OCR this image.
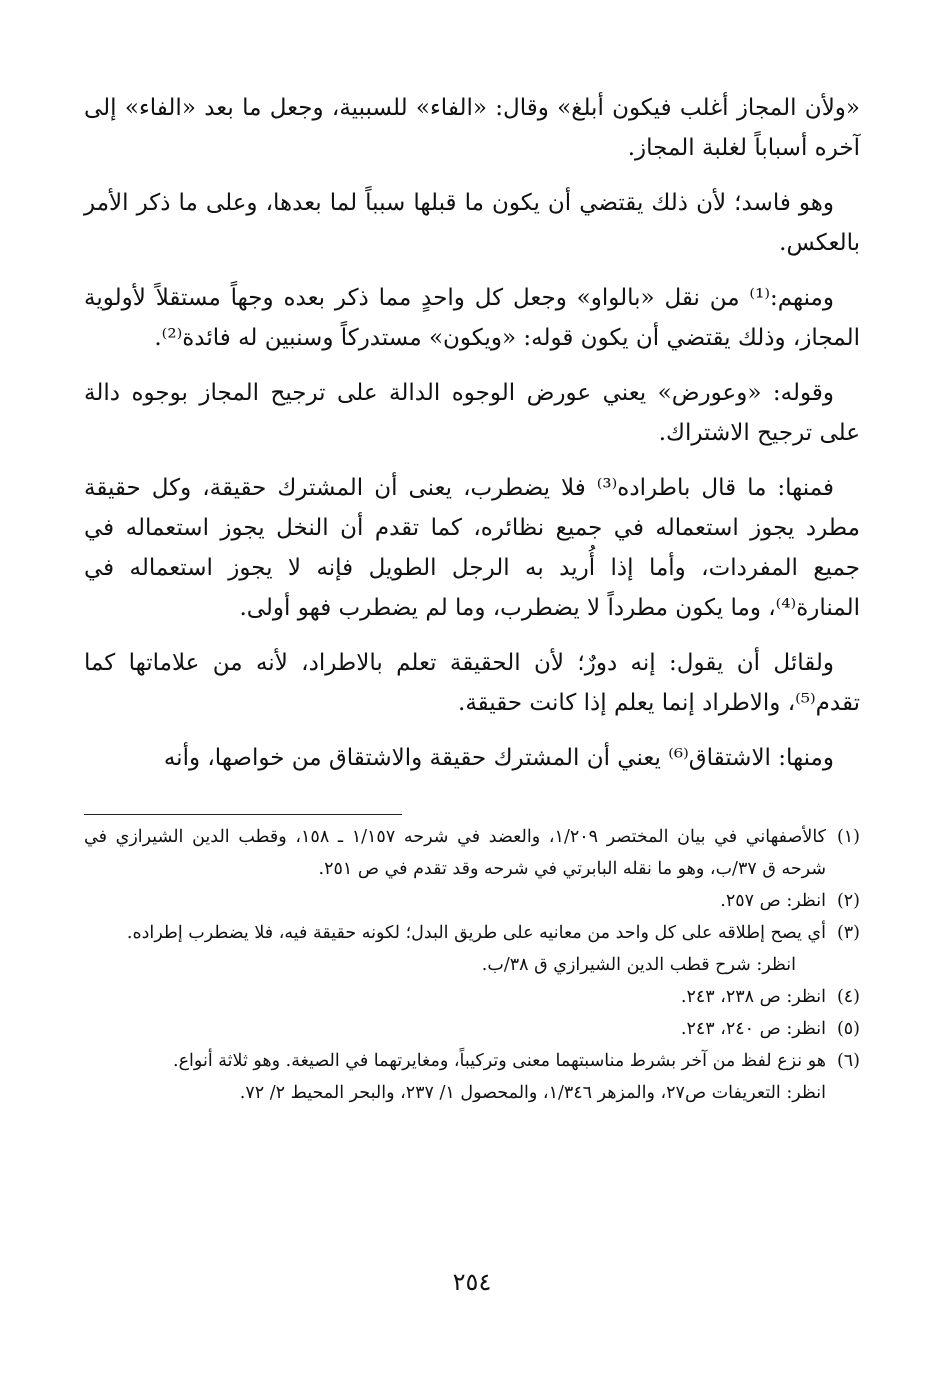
«ولأن المجاز أغلب فيكون أبلغ» وقال: «الفاء» للسببية، وجعل ما بعد «الفاء» إلى آخره أسباباً لغلبة المجاز.

وهو فاسد؛ لأن ذلك يقتضي أن يكون ما قبلها سبباً لما بعدها، وعلى ما ذكر الأمر بالعكس.

ومنهم:⁽¹⁾ من نقل «بالواو» وجعل كل واحدٍ مما ذكر بعده وجهاً مستقلاً لأولوية المجاز، وذلك يقتضي أن يكون قوله: «ويكون» مستدركاً وسنبين له فائدة⁽²⁾.

وقوله: «وعورض» يعني عورض الوجوه الدالة على ترجيح المجاز بوجوه دالة على ترجيح الاشتراك.

فمنها: ما قال باطراده⁽³⁾ فلا يضطرب، يعنى أن المشترك حقيقة، وكل حقيقة مطرد يجوز استعماله في جميع نظائره، كما تقدم أن النخل يجوز استعماله في جميع المفردات، وأما إذا أُريد به الرجل الطويل فإنه لا يجوز استعماله في المنارة⁽⁴⁾، وما يكون مطرداً لا يضطرب، وما لم يضطرب فهو أولى.

ولقائل أن يقول: إنه دورٌ؛ لأن الحقيقة تعلم بالاطراد، لأنه من علاماتها كما تقدم⁽⁵⁾، والاطراد إنما يعلم إذا كانت حقيقة.

ومنها: الاشتقاق⁽⁶⁾ يعني أن المشترك حقيقة والاشتقاق من خواصها، وأنه

(١)
كالأصفهاني في بيان المختصر ١/٢٠٩، والعضد في شرحه ١/١٥٧ ـ ١٥٨، وقطب الدين الشيرازي في شرحه ق ٣٧/ب، وهو ما نقله البابرتي في شرحه وقد تقدم في ص ٢٥١.
(٢)
انظر: ص ٢٥٧.
(٣)
أي يصح إطلاقه على كل واحد من معانيه على طريق البدل؛ لكونه حقيقة فيه، فلا يضطرب إطراده.
انظر: شرح قطب الدين الشيرازي ق ٣٨/ب.
(٤)
انظر: ص ٢٣٨، ٢٤٣.
(٥)
انظر: ص ٢٤٠، ٢٤٣.
(٦)
هو نزع لفظ من آخر بشرط مناسبتهما معنى وتركيباً، ومغايرتهما في الصيغة. وهو ثلاثة أنواع.
انظر: التعريفات ص٢٧، والمزهر ١/٣٤٦، والمحصول ١/ ٢٣٧، والبحر المحيط ٢/ ٧٢.
٢٥٤
